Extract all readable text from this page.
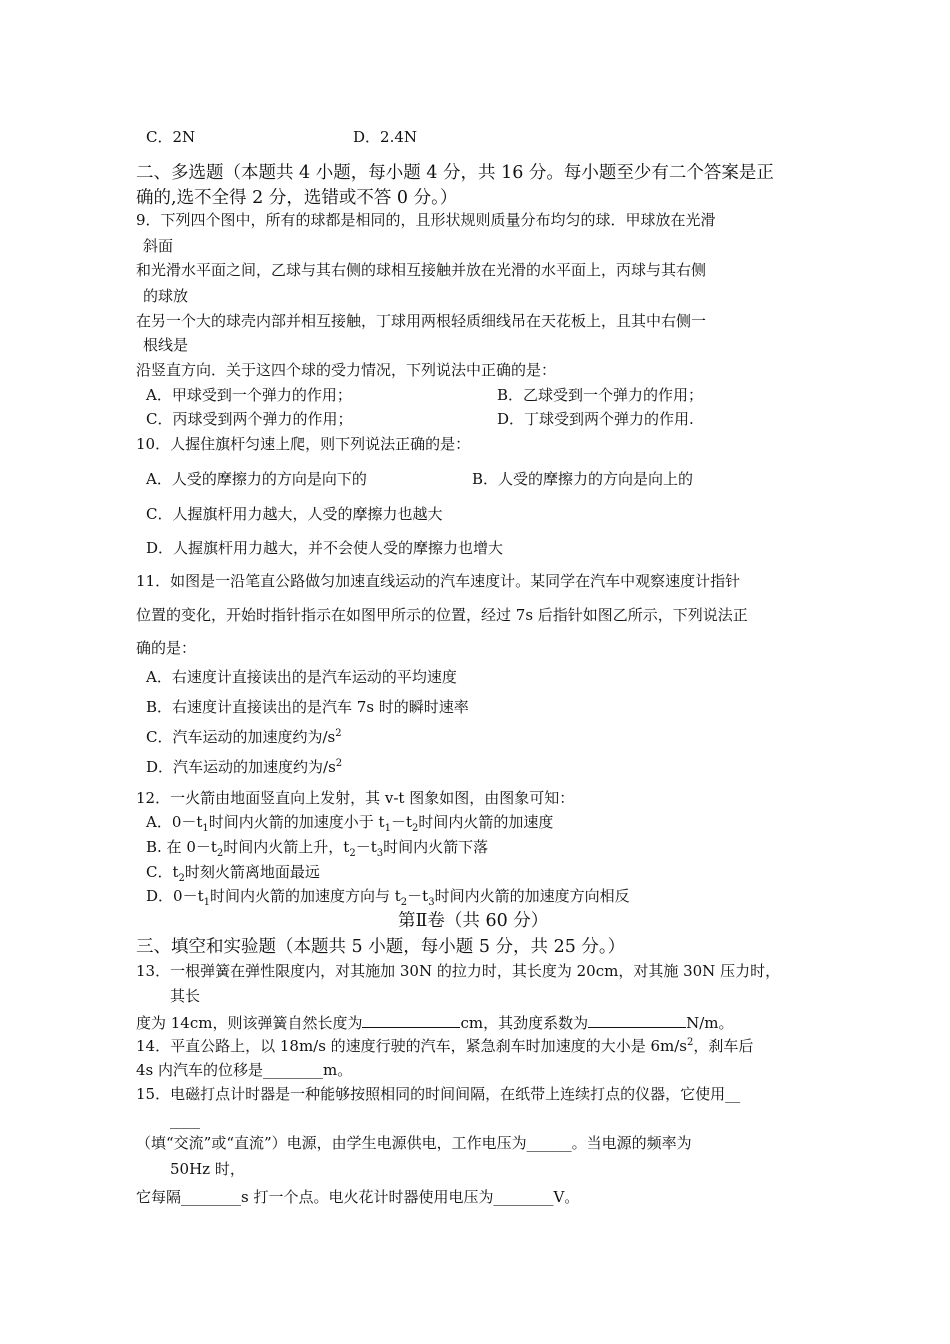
C．2N	D．2.4N
二、多选题（本题共 4 小题，每小题 4 分，共 16 分。每小题至少有二个答案是正
确的,选不全得 2 分，选错或不答 0 分。）
9．下列四个图中，所有的球都是相同的，且形状规则质量分布均匀的球．甲球放在光滑
斜面
和光滑水平面之间，乙球与其右侧的球相互接触并放在光滑的水平面上，丙球与其右侧
的球放
在另一个大的球壳内部并相互接触，丁球用两根轻质细线吊在天花板上，且其中右侧一
根线是
沿竖直方向．关于这四个球的受力情况，下列说法中正确的是：
A．甲球受到一个弹力的作用；	B．乙球受到一个弹力的作用；
C．丙球受到两个弹力的作用；	D．丁球受到两个弹力的作用.
10．人握住旗杆匀速上爬，则下列说法正确的是：
A．人受的摩擦力的方向是向下的	B．人受的摩擦力的方向是向上的
C．人握旗杆用力越大，人受的摩擦力也越大
D．人握旗杆用力越大，并不会使人受的摩擦力也增大
11．如图是一沿笔直公路做匀加速直线运动的汽车速度计。某同学在汽车中观察速度计指针
位置的变化，开始时指针指示在如图甲所示的位置，经过 7s 后指针如图乙所示，下列说法正
确的是：
A．右速度计直接读出的是汽车运动的平均速度
B．右速度计直接读出的是汽车 7s 时的瞬时速率
C．汽车运动的加速度约为$/s^2$
D．汽车运动的加速度约为$/s^2$
12．一火箭由地面竖直向上发射，其 v-t 图象如图，由图象可知：
A．$0-t_1$时间内火箭的加速度小于 $t_1-t_2$时间内火箭的加速度
B. 在 $0-t_2$时间内火箭上升，$t_2-t_3$时间内火箭下落
C．$t_2$时刻火箭离地面最远
D．$0-t_1$时间内火箭的加速度方向与 $t_2-t_3$时间内火箭的加速度方向相反
第Ⅱ卷（共 60 分）
三、填空和实验题（本题共 5 小题，每小题 5 分，共 25 分。）
13．一根弹簧在弹性限度内，对其施加 30N 的拉力时，其长度为 20cm，对其施 30N 压力时，
其长
度为 14cm，则该弹簧自然长度为	cm，其劲度系数为	N/m。
14．平直公路上，以 18m/s 的速度行驶的汽车，紧急刹车时加速度的大小是 $6m/s^2$，刹车后
4s 内汽车的位移是________m。
15．电磁打点计时器是一种能够按照相同的时间间隔，在纸带上连续打点的仪器，它使用__
____
（填“交流”或“直流”）电源，由学生电源供电，工作电压为______。当电源的频率为
50Hz 时，
它每隔________s 打一个点。电火花计时器使用电压为________V。
